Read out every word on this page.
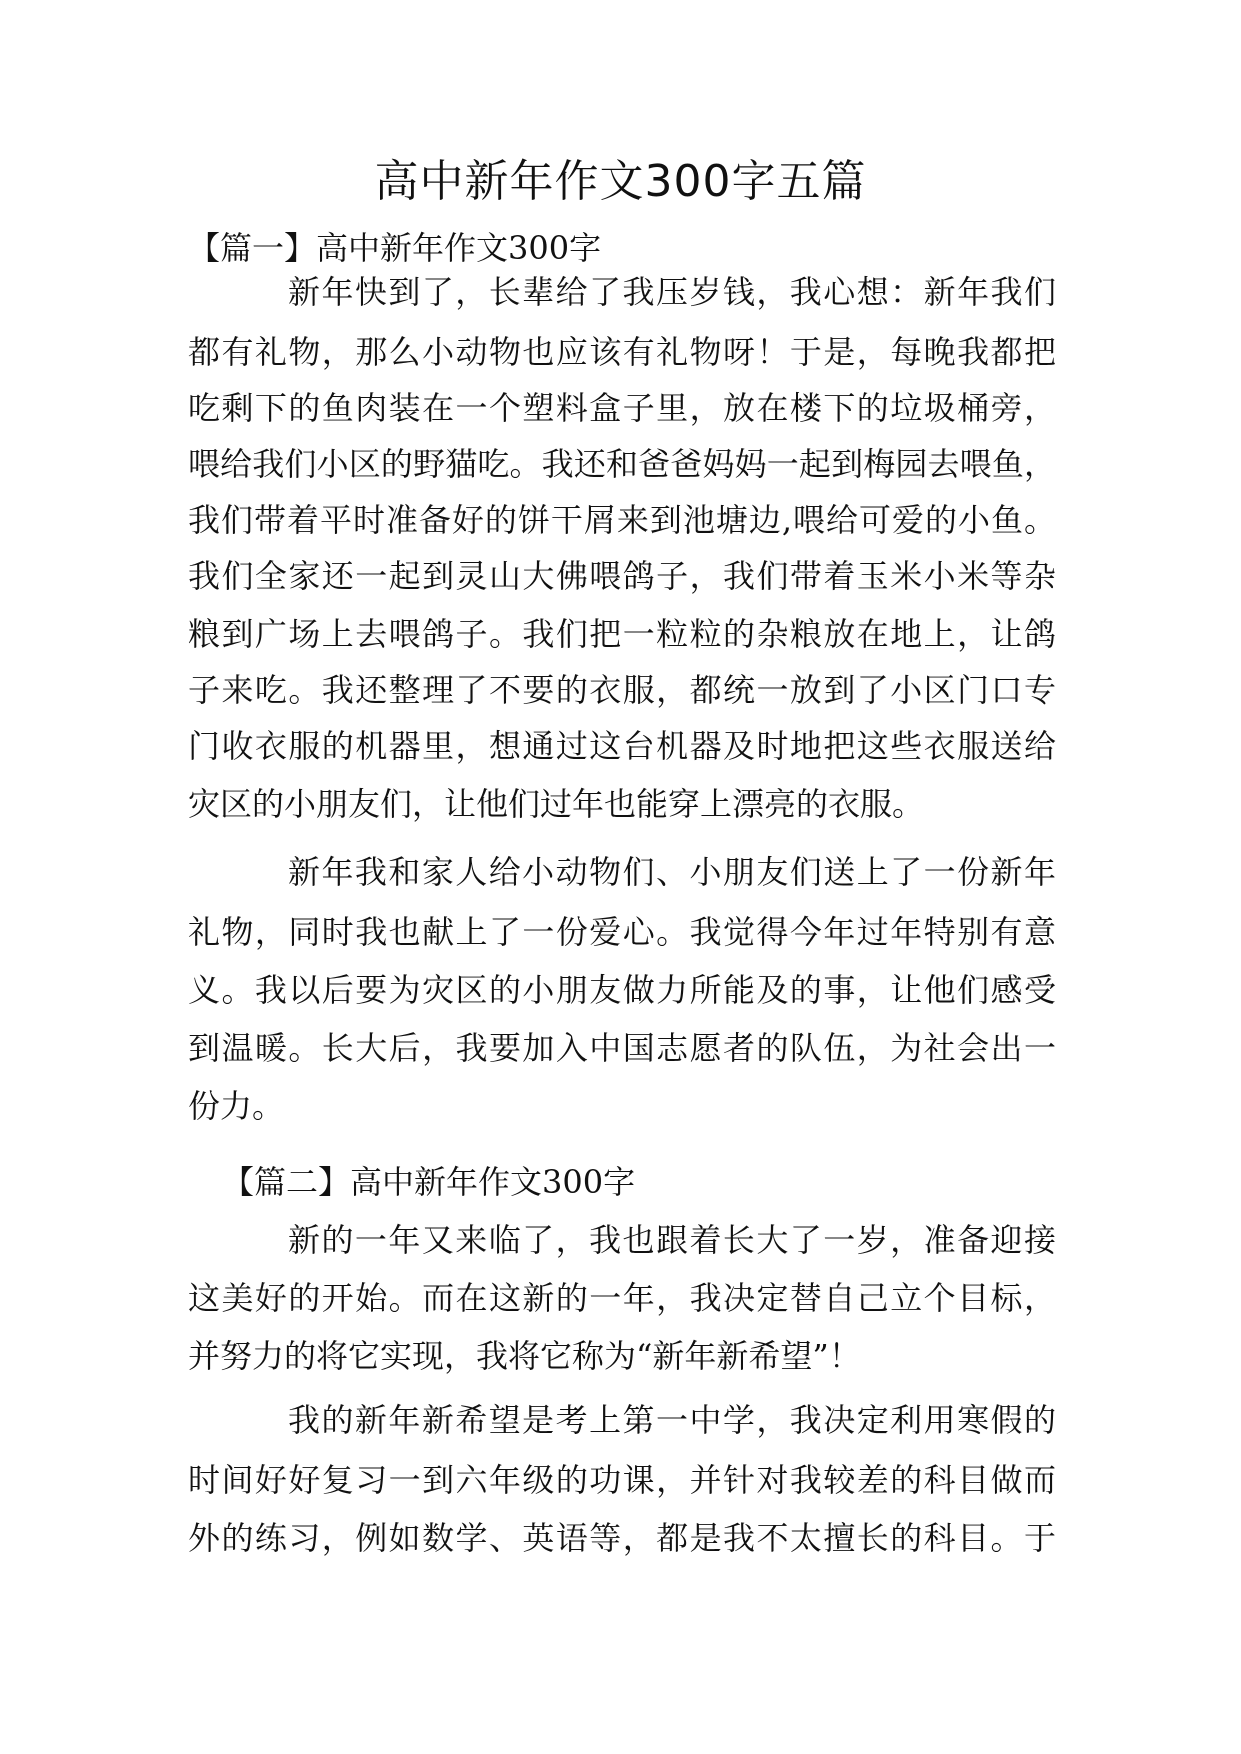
高中新年作文300字五篇
【篇一】高中新年作文300字
新年快到了，长辈给了我压岁钱，我心想：新年我们
都有礼物，那么小动物也应该有礼物呀！于是，每晚我都把
吃剩下的鱼肉装在一个塑料盒子里，放在楼下的垃圾桶旁，
喂给我们小区的野猫吃。我还和爸爸妈妈一起到梅园去喂鱼，
我们带着平时准备好的饼干屑来到池塘边,喂给可爱的小鱼。
我们全家还一起到灵山大佛喂鸽子，我们带着玉米小米等杂
粮到广场上去喂鸽子。我们把一粒粒的杂粮放在地上，让鸽
子来吃。我还整理了不要的衣服，都统一放到了小区门口专
门收衣服的机器里，想通过这台机器及时地把这些衣服送给
灾区的小朋友们，让他们过年也能穿上漂亮的衣服。
新年我和家人给小动物们、小朋友们送上了一份新年
礼物，同时我也献上了一份爱心。我觉得今年过年特别有意
义。我以后要为灾区的小朋友做力所能及的事，让他们感受
到温暖。长大后，我要加入中国志愿者的队伍，为社会出一
份力。
【篇二】高中新年作文300字
新的一年又来临了，我也跟着长大了一岁，准备迎接
这美好的开始。而在这新的一年，我决定替自己立个目标，
并努力的将它实现，我将它称为“新年新希望”！
我的新年新希望是考上第一中学，我决定利用寒假的
时间好好复习一到六年级的功课，并针对我较差的科目做而
外的练习，例如数学、英语等，都是我不太擅长的科目。于
